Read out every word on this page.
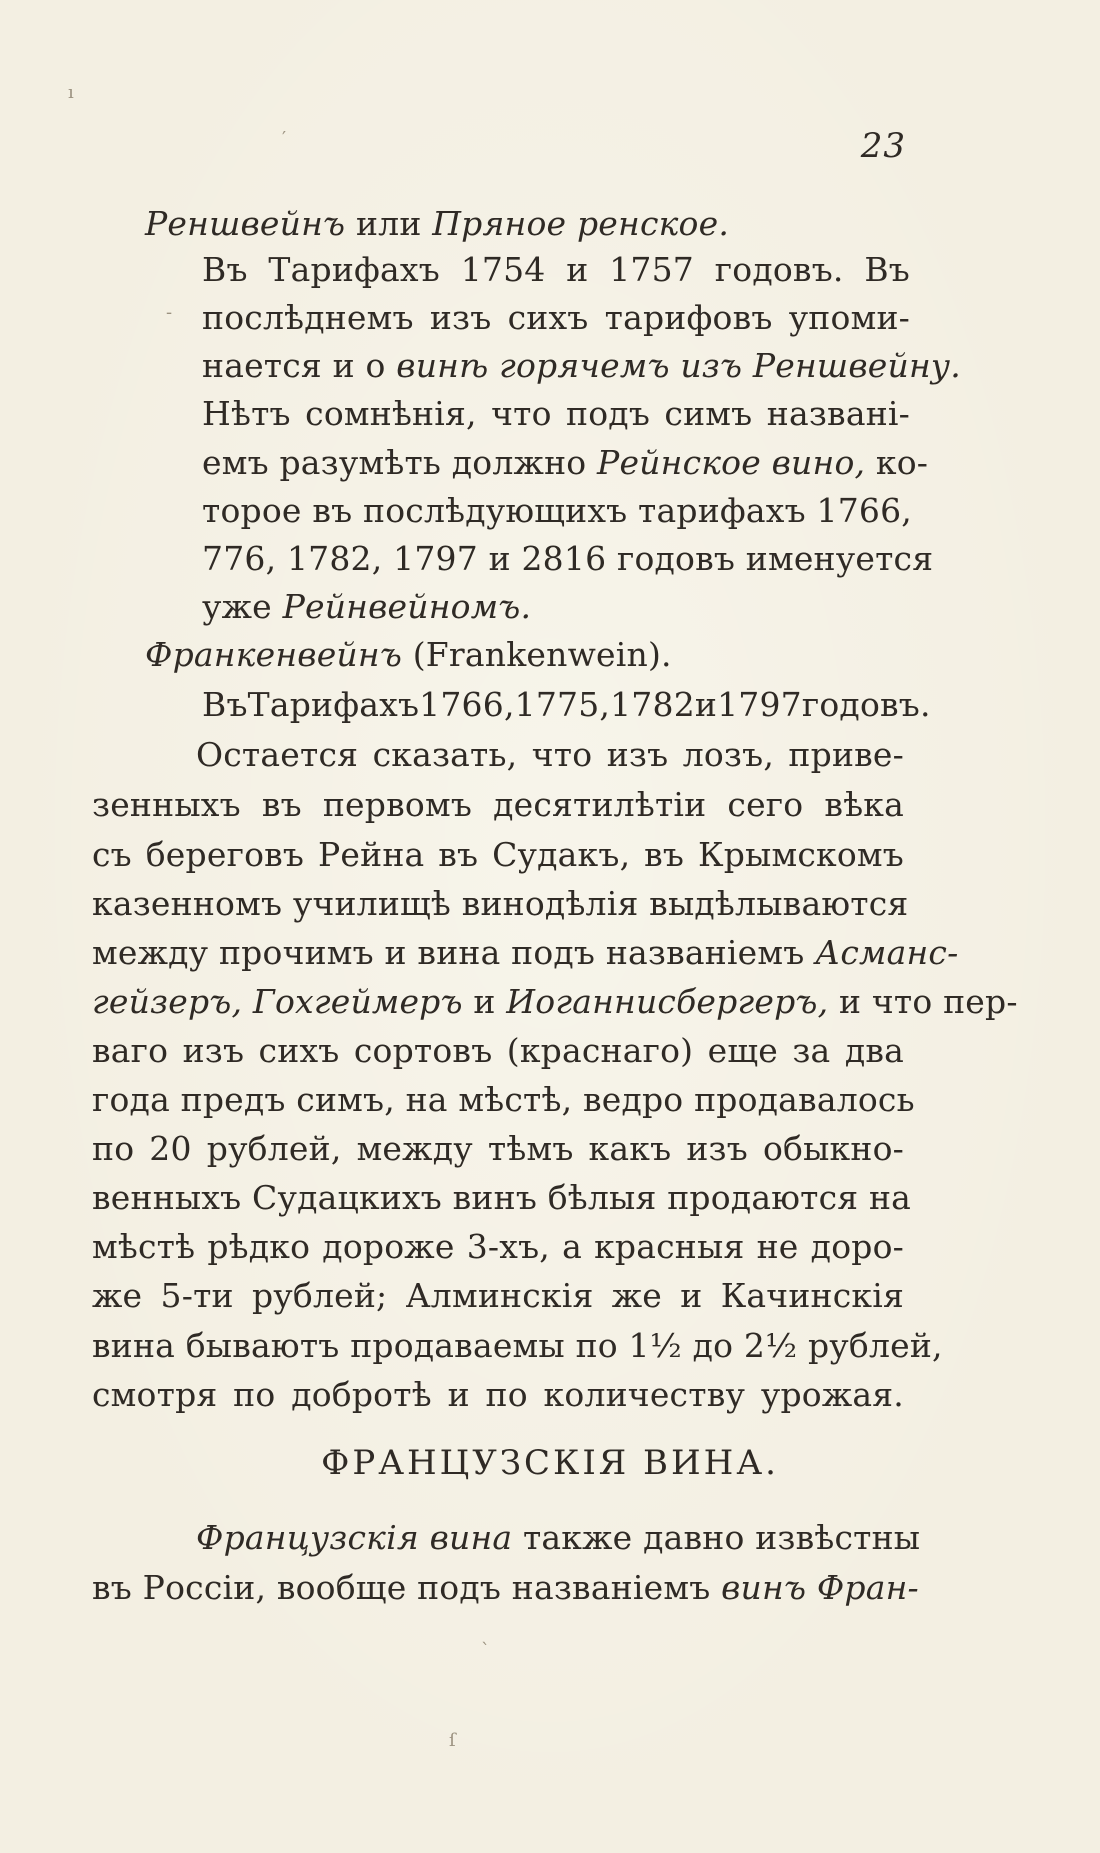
23
Реншвейнъ или Пряное ренское.
Въ Тарифахъ 1754 и 1757 годовъ. Въ
послѣднемъ изъ сихъ тарифовъ упоми-
нается и о винѣ горячемъ изъ Реншвейну.
Нѣтъ сомнѣнія, что подъ симъ названі-
емъ разумѣть должно Рейнское вино, ко-
торое въ послѣдующихъ тарифахъ 1766,
776, 1782, 1797 и 2816 годовъ именуется
уже Рейнвейномъ.
Франкенвейнъ (Frankenwein).
ВъТарифахъ1766,1775,1782и1797годовъ.
Остается сказать, что изъ лозъ, приве-
зенныхъ въ первомъ десятилѣтіи сего вѣка
съ береговъ Рейна въ Судакъ, въ Крымскомъ
казенномъ училищѣ винодѣлія выдѣлываются
между прочимъ и вина подъ названіемъ Асманс-
гейзеръ, Гохгеймеръ и Иоганнисбергеръ, и что пер-
ваго изъ сихъ сортовъ (краснаго) еще за два
года предъ симъ, на мѣстѣ, ведро продавалось
по 20 рублей, между тѣмъ какъ изъ обыкно-
венныхъ Судацкихъ винъ бѣлыя продаются на
мѣстѣ рѣдко дороже 3-хъ, а красныя не доро-
же 5-ти рублей; Алминскія же и Качинскія
вина бываютъ продаваемы по 1½ до 2½ рублей,
смотря по добротѣ и по количеству урожая.
ФРАНЦУЗСКІЯ ВИНА.
Французскія вина также давно извѣстны
въ Россіи, вообще подъ названіемъ винъ Фран-
ı
′
-
ˋ
ſ
